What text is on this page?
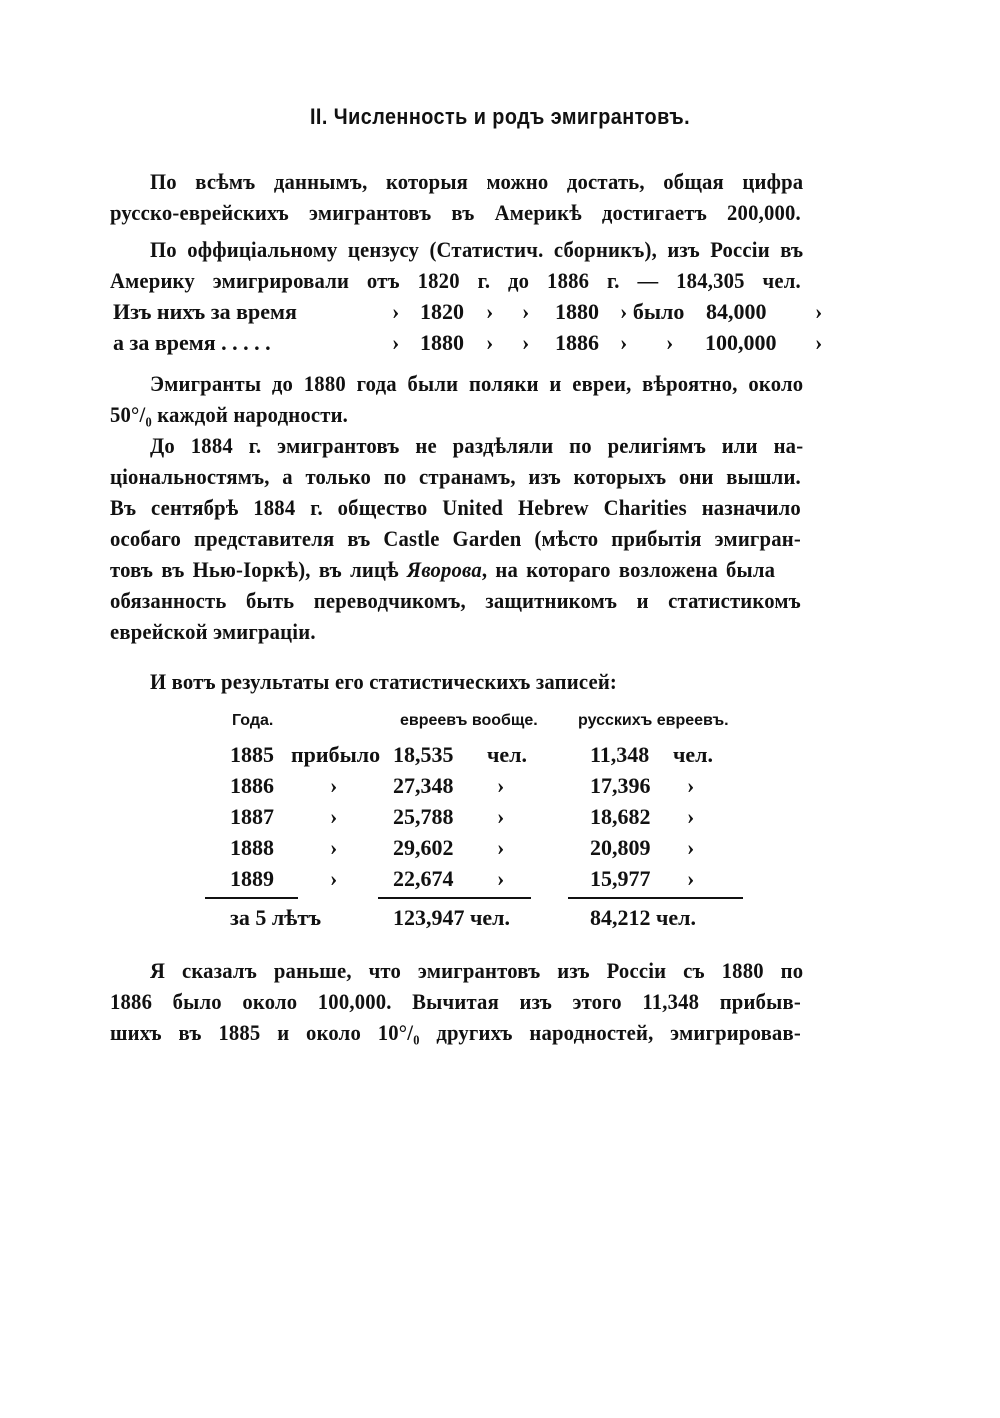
II. Численность и родъ эмигрантовъ.
По всѣмъ даннымъ, которыя можно достать, общая цифра
русско-еврейскихъ эмигрантовъ въ Америкѣ достигаетъ 200,000.
По оффиціальному цензусу (Статистич. сборникъ), изъ Россіи въ
Америку эмигрировали отъ 1820 г. до 1886 г. — 184,305 чел.
Изъ нихъ за время	› 1820 › › 1880 › было 84,000 ›
а за время . . . . .	› 1880 › › 1886 › › 100,000 ›
Эмигранты до 1880 года были поляки и евреи, вѣроятно, около
50°/₀ каждой народности.
До 1884 г. эмигрантовъ не раздѣляли по религіямъ или на-
ціональностямъ, а только по странамъ, изъ которыхъ они вышли.
Въ сентябрѣ 1884 г. общество United Hebrew Charities назначило
особаго представителя въ Castle Garden (мѣсто прибытія эмигран-
товъ въ Нью-Іоркѣ), въ лицѣ Яворова, на котораго возложена была
обязанность быть переводчикомъ, защитникомъ и статистикомъ
еврейской эмиграціи.
И вотъ результаты его статистическихъ записей:
Года.	евреевъ вообще.	русскихъ евреевъ.
1885 прибыло 18,535 чел.	11,348 чел.
1886	›	27,348 ›	17,396 ›
1887	›	25,788 ›	18,682 ›
1888	›	29,602 ›	20,809 ›
1889	›	22,674 ›	15,977 ›
за 5 лѣтъ	123,947 чел.	84,212 чел.
Я сказалъ раньше, что эмигрантовъ изъ Россіи съ 1880 по
1886 было около 100,000. Вычитая изъ этого 11,348 прибыв-
шихъ въ 1885 и около 10°/₀ другихъ народностей, эмигрировав-
